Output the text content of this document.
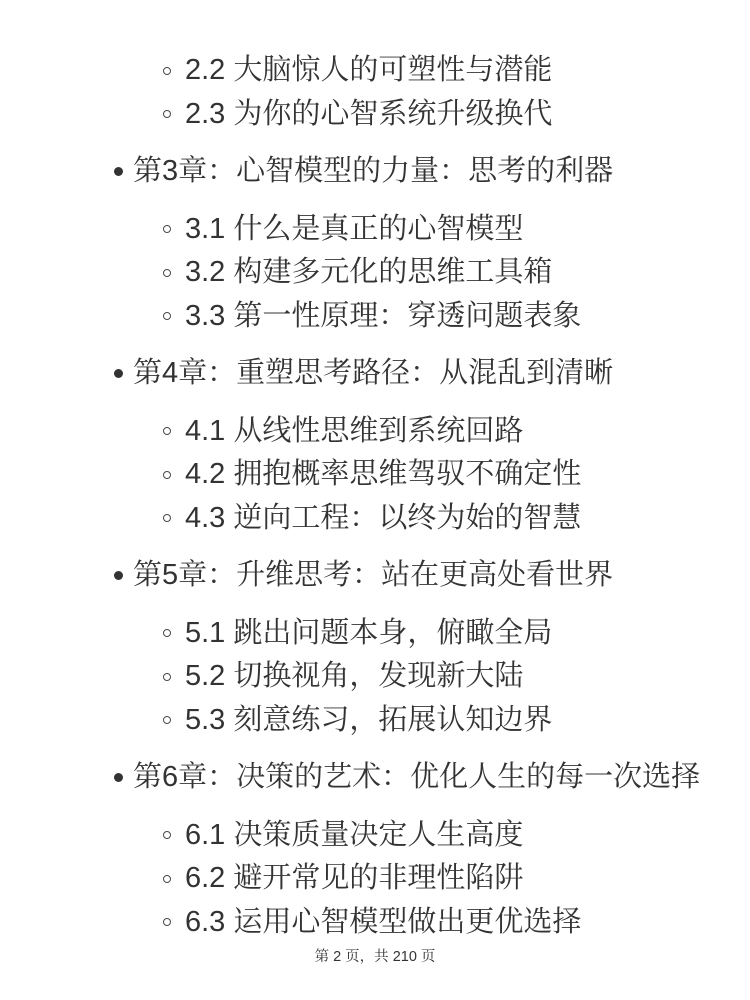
2.2 大脑惊人的可塑性与潜能
2.3 为你的心智系统升级换代
第3章：心智模型的力量：思考的利器
3.1 什么是真正的心智模型
3.2 构建多元化的思维工具箱
3.3 第一性原理：穿透问题表象
第4章：重塑思考路径：从混乱到清晰
4.1 从线性思维到系统回路
4.2 拥抱概率思维驾驭不确定性
4.3 逆向工程：以终为始的智慧
第5章：升维思考：站在更高处看世界
5.1 跳出问题本身，俯瞰全局
5.2 切换视角，发现新大陆
5.3 刻意练习，拓展认知边界
第6章：决策的艺术：优化人生的每一次选择
6.1 决策质量决定人生高度
6.2 避开常见的非理性陷阱
6.3 运用心智模型做出更优选择
第 2 页，共 210 页
